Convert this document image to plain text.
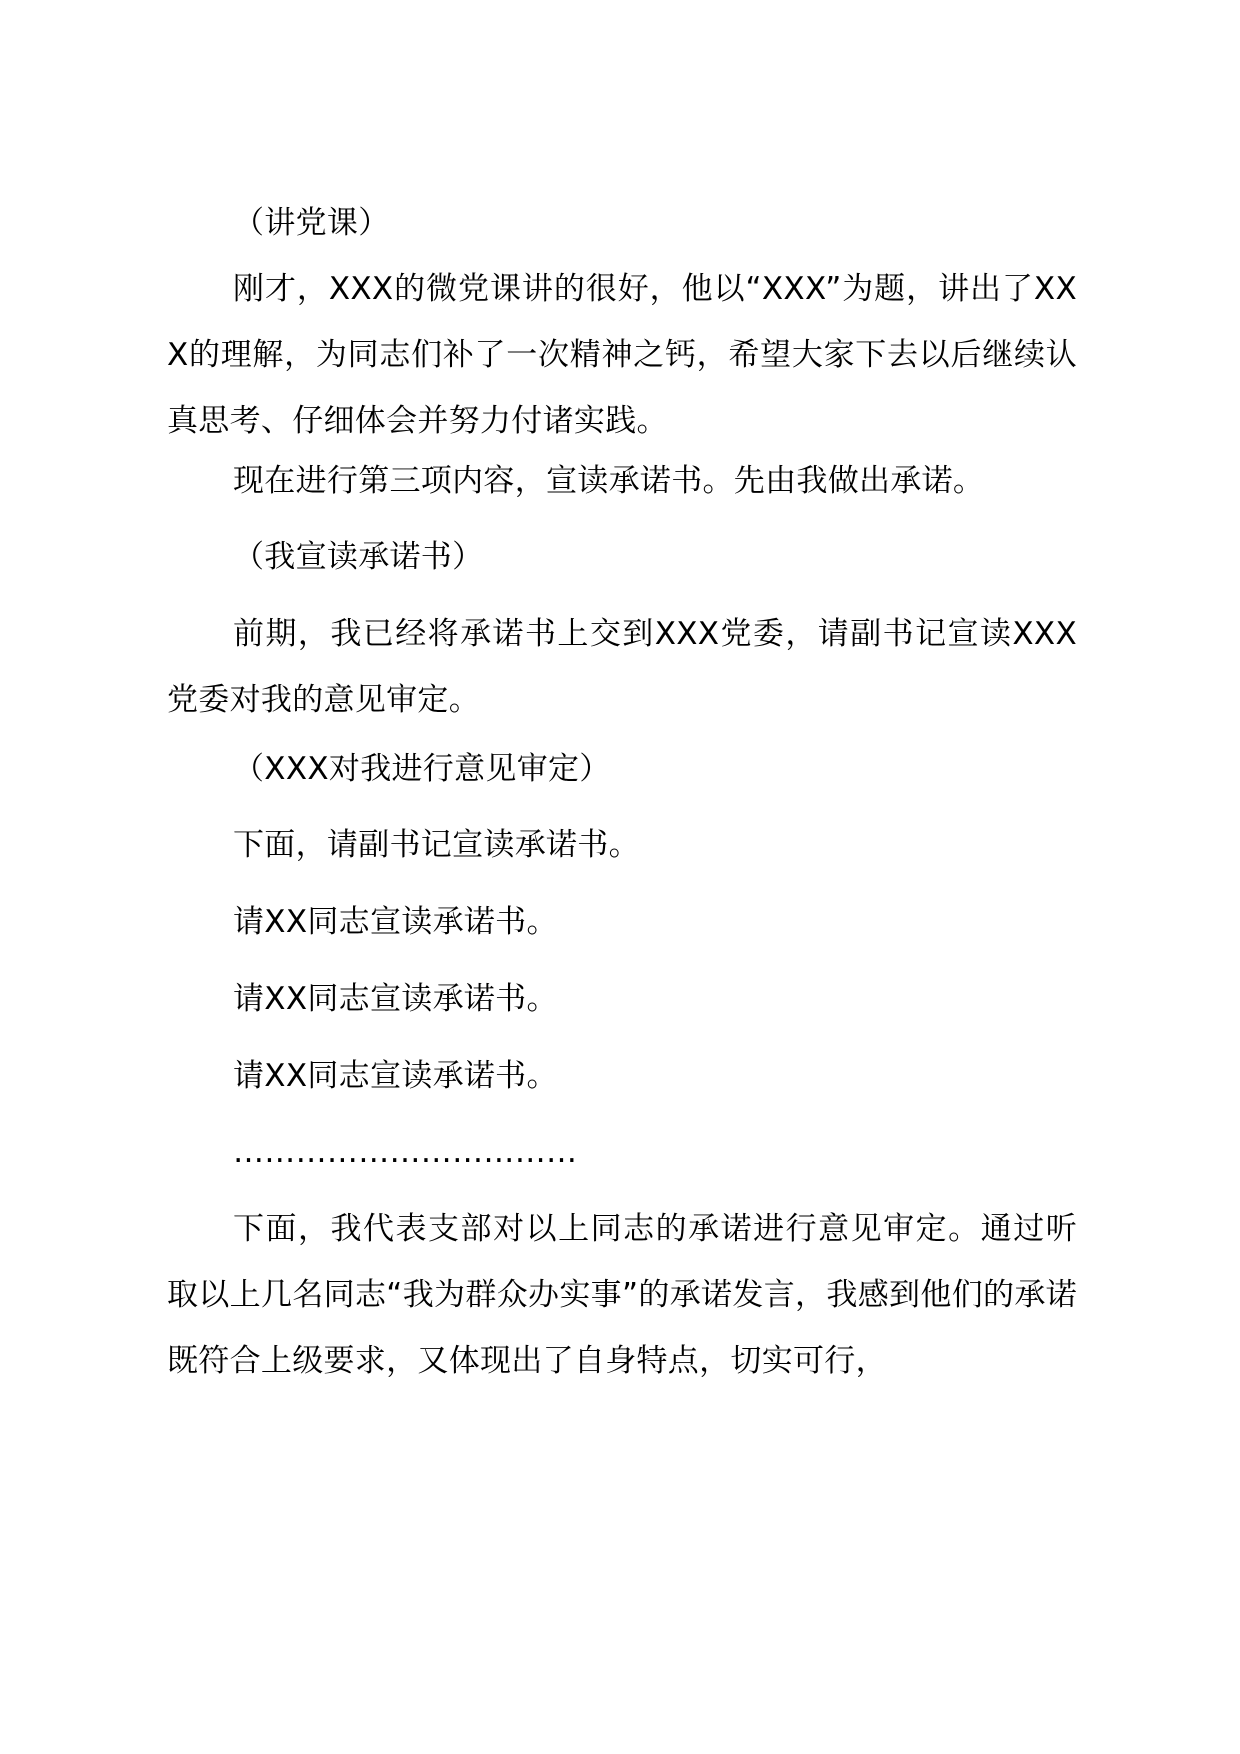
（讲党课）

刚才，XXX的微党课讲的很好，他以“XXX”为题，讲出了XXX的理解，为同志们补了一次精神之钙，希望大家下去以后继续认真思考、仔细体会并努力付诸实践。

现在进行第三项内容，宣读承诺书。先由我做出承诺。

（我宣读承诺书）

前期，我已经将承诺书上交到XXX党委，请副书记宣读XXX党委对我的意见审定。

（XXX对我进行意见审定）

下面，请副书记宣读承诺书。

请XX同志宣读承诺书。

请XX同志宣读承诺书。

请XX同志宣读承诺书。

……………………………

下面，我代表支部对以上同志的承诺进行意见审定。通过听取以上几名同志“我为群众办实事”的承诺发言，我感到他们的承诺既符合上级要求，又体现出了自身特点，切实可行，
